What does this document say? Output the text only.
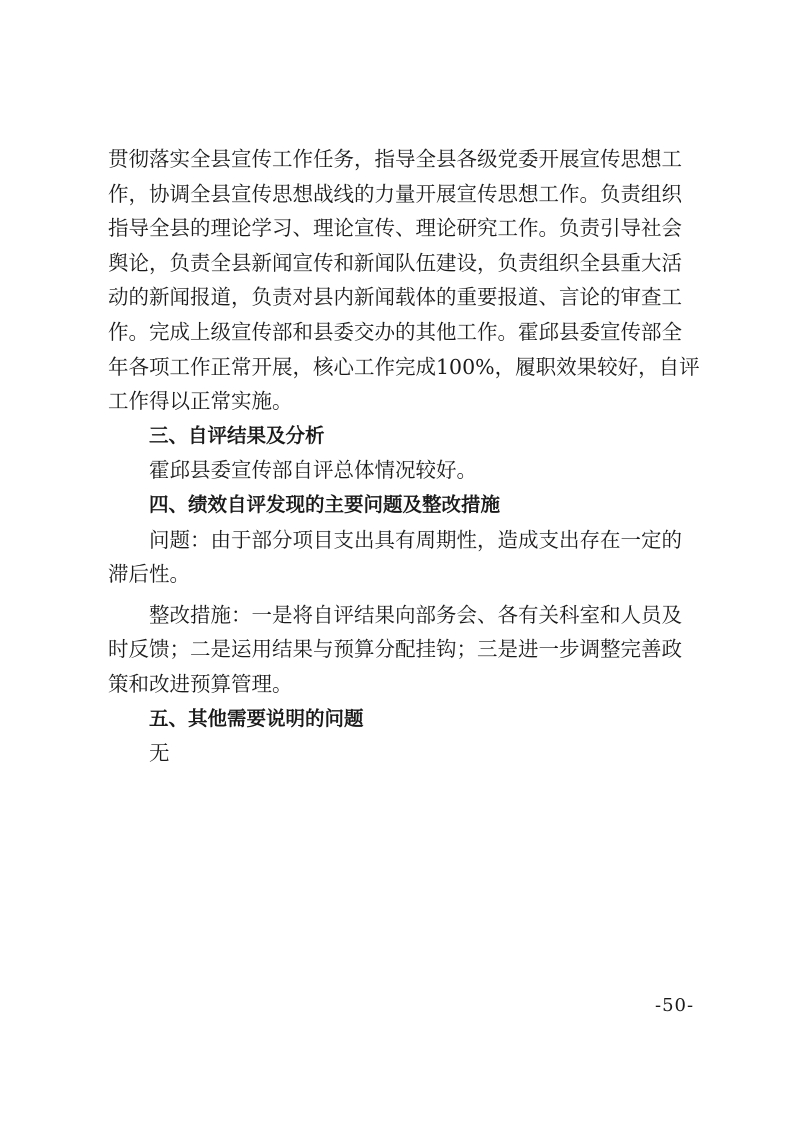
贯彻落实全县宣传工作任务，指导全县各级党委开展宣传思想工
作，协调全县宣传思想战线的力量开展宣传思想工作。负责组织
指导全县的理论学习、理论宣传、理论研究工作。负责引导社会
舆论，负责全县新闻宣传和新闻队伍建设，负责组织全县重大活
动的新闻报道，负责对县内新闻载体的重要报道、言论的审查工
作。完成上级宣传部和县委交办的其他工作。霍邱县委宣传部全
年各项工作正常开展，核心工作完成100%，履职效果较好，自评
工作得以正常实施。
三、自评结果及分析
霍邱县委宣传部自评总体情况较好。
四、绩效自评发现的主要问题及整改措施
问题：由于部分项目支出具有周期性，造成支出存在一定的
滞后性。
整改措施：一是将自评结果向部务会、各有关科室和人员及
时反馈；二是运用结果与预算分配挂钩；三是进一步调整完善政
策和改进预算管理。
五、其他需要说明的问题
无
-50-
